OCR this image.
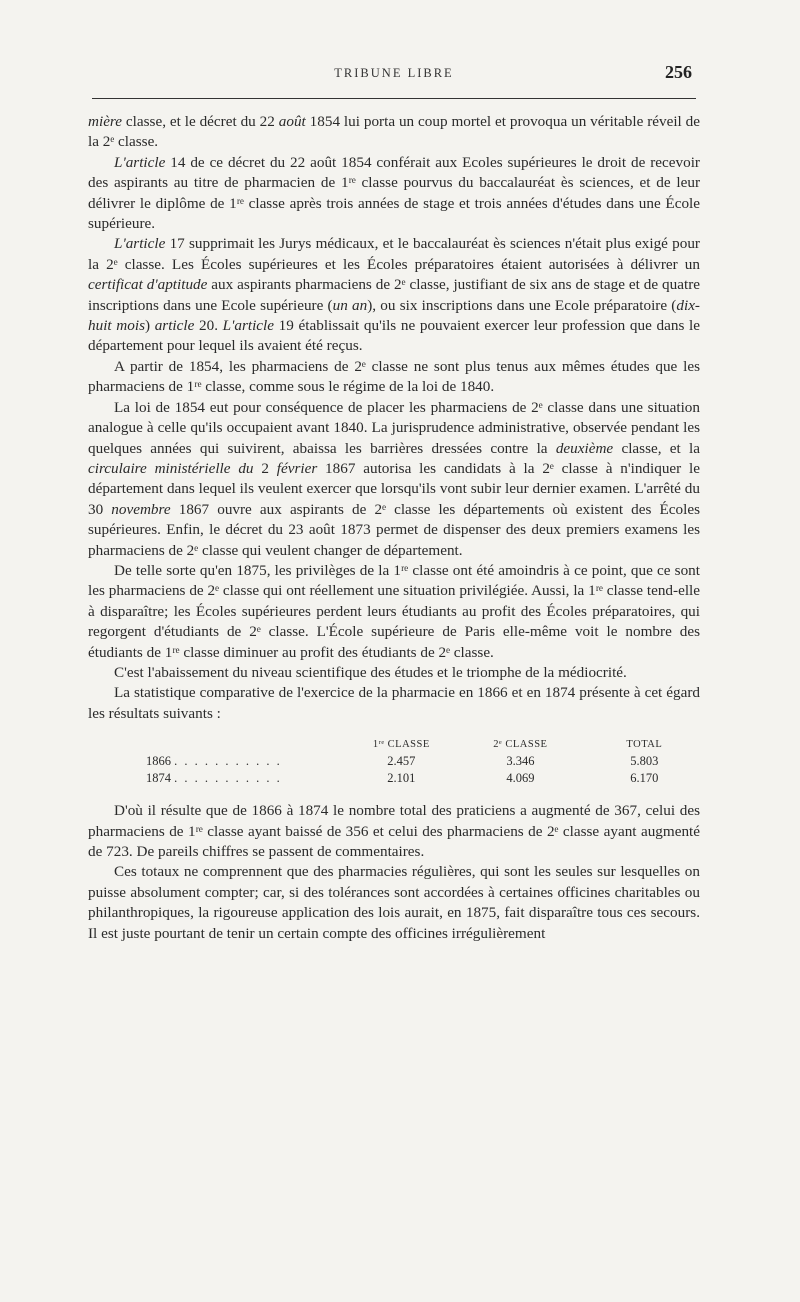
TRIBUNE LIBRE	256

mière classe, et le décret du 22 août 1854 lui porta un coup mortel et provoqua un véritable réveil de la 2ᵉ classe.

L'article 14 de ce décret du 22 août 1854 conférait aux Ecoles supérieures le droit de recevoir des aspirants au titre de pharmacien de 1ʳᵉ classe pourvus du baccalauréat ès sciences, et de leur délivrer le diplôme de 1ʳᵉ classe après trois années de stage et trois années d'études dans une École supérieure.

L'article 17 supprimait les Jurys médicaux, et le baccalauréat ès sciences n'était plus exigé pour la 2ᵉ classe. Les Écoles supérieures et les Écoles préparatoires étaient autorisées à délivrer un certificat d'aptitude aux aspirants pharmaciens de 2ᵉ classe, justifiant de six ans de stage et de quatre inscriptions dans une Ecole supérieure (un an), ou six inscriptions dans une Ecole préparatoire (dix-huit mois) article 20. L'article 19 établissait qu'ils ne pouvaient exercer leur profession que dans le département pour lequel ils avaient été reçus.

A partir de 1854, les pharmaciens de 2ᵉ classe ne sont plus tenus aux mêmes études que les pharmaciens de 1ʳᵉ classe, comme sous le régime de la loi de 1840.

La loi de 1854 eut pour conséquence de placer les pharmaciens de 2ᵉ classe dans une situation analogue à celle qu'ils occupaient avant 1840. La jurisprudence administrative, observée pendant les quelques années qui suivirent, abaissa les barrières dressées contre la deuxième classe, et la circulaire ministérielle du 2 février 1867 autorisa les candidats à la 2ᵉ classe à n'indiquer le département dans lequel ils veulent exercer que lorsqu'ils vont subir leur dernier examen. L'arrêté du 30 novembre 1867 ouvre aux aspirants de 2ᵉ classe les départements où existent des Écoles supérieures. Enfin, le décret du 23 août 1873 permet de dispenser des deux premiers examens les pharmaciens de 2ᵉ classe qui veulent changer de département.

De telle sorte qu'en 1875, les privilèges de la 1ʳᵉ classe ont été amoindris à ce point, que ce sont les pharmaciens de 2ᵉ classe qui ont réellement une situation privilégiée. Aussi, la 1ʳᵉ classe tend-elle à disparaître; les Écoles supérieures perdent leurs étudiants au profit des Écoles préparatoires, qui regorgent d'étudiants de 2ᵉ classe. L'École supérieure de Paris elle-même voit le nombre des étudiants de 1ʳᵉ classe diminuer au profit des étudiants de 2ᵉ classe.

C'est l'abaissement du niveau scientifique des études et le triomphe de la médiocrité.

La statistique comparative de l'exercice de la pharmacie en 1866 et en 1874 présente à cet égard les résultats suivants :

	1ʳᵉ CLASSE	2ᵉ CLASSE	TOTAL
1866 . . . . . . . . . . .	2.457	3.346	5.803
1874 . . . . . . . . . . .	2.101	4.069	6.170

D'où il résulte que de 1866 à 1874 le nombre total des praticiens a augmenté de 367, celui des pharmaciens de 1ʳᵉ classe ayant baissé de 356 et celui des pharmaciens de 2ᵉ classe ayant augmenté de 723. De pareils chiffres se passent de commentaires.

Ces totaux ne comprennent que des pharmacies régulières, qui sont les seules sur lesquelles on puisse absolument compter; car, si des tolérances sont accordées à certaines officines charitables ou philanthropiques, la rigoureuse application des lois aurait, en 1875, fait disparaître tous ces secours. Il est juste pourtant de tenir un certain compte des officines irrégulièrement
